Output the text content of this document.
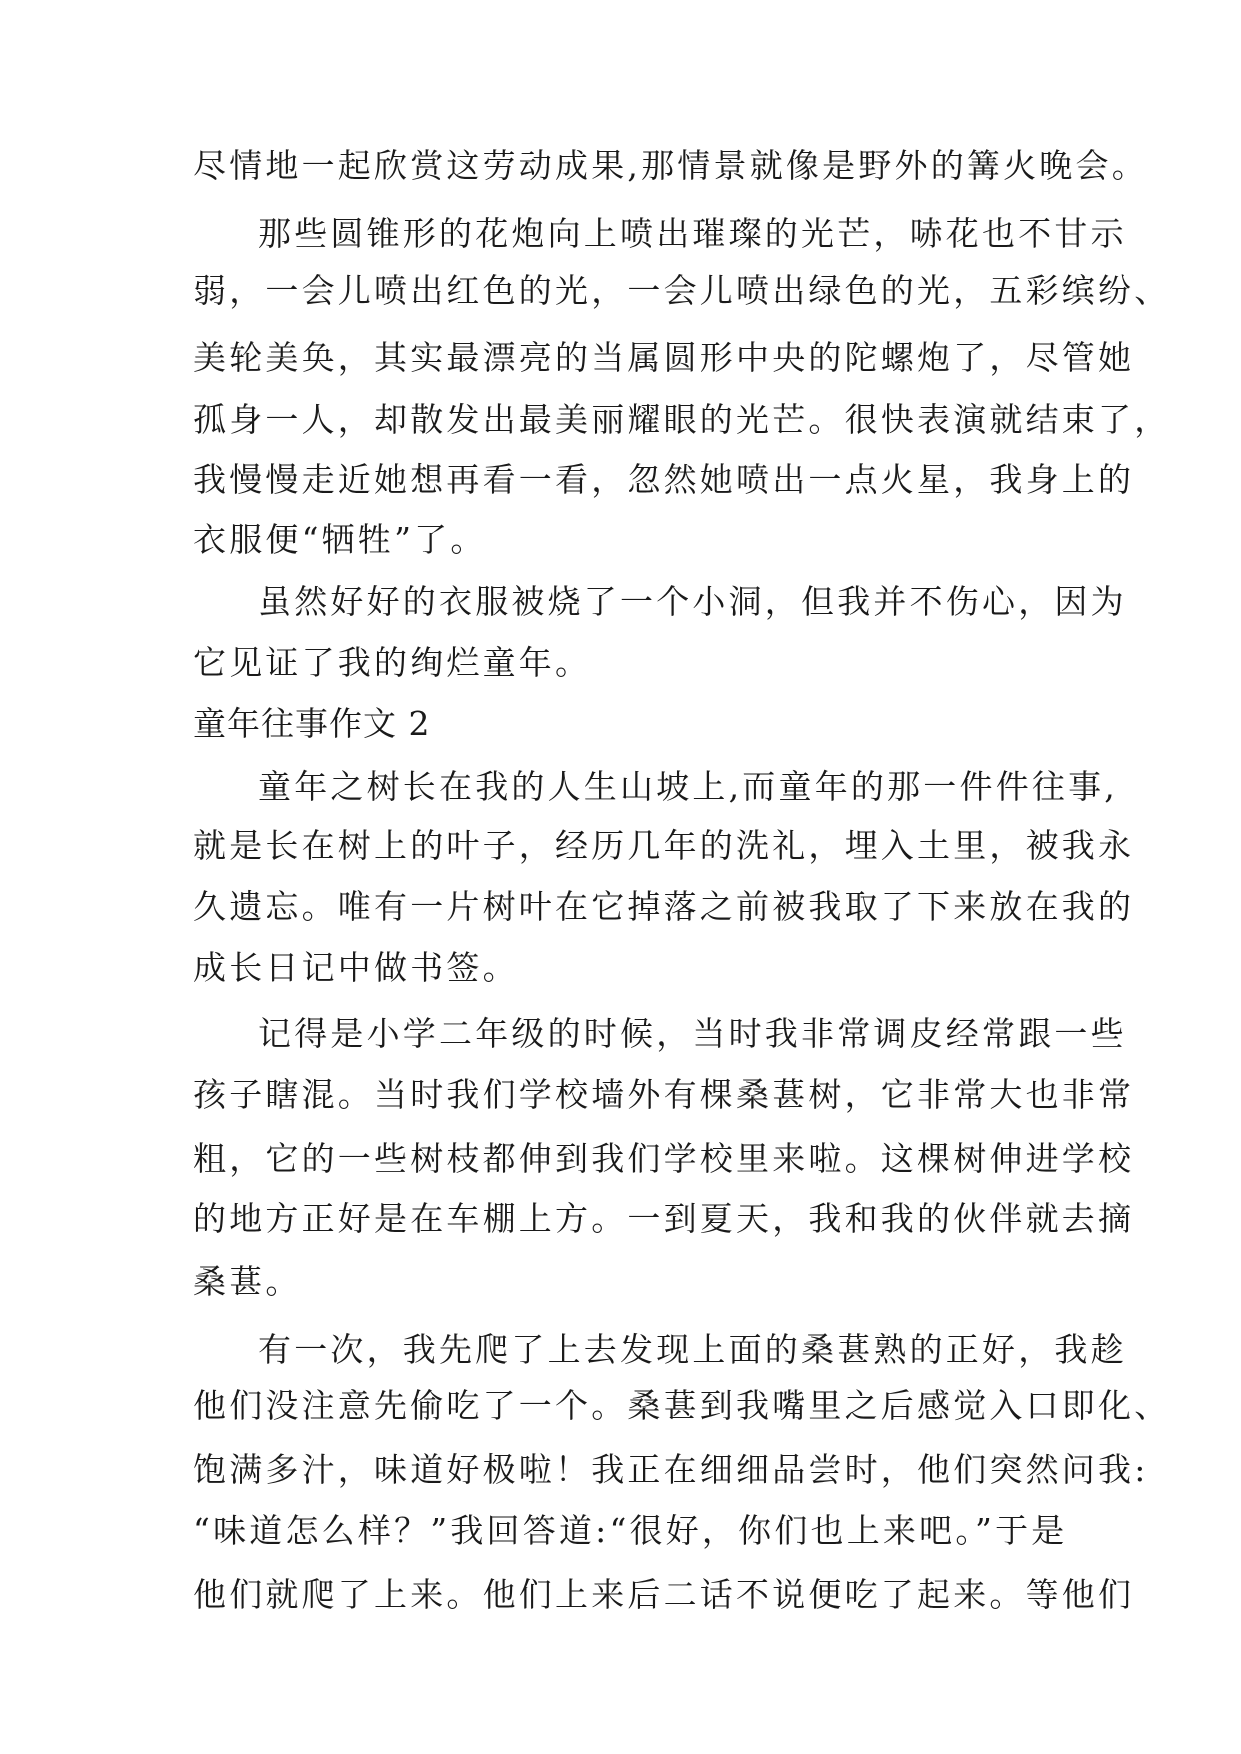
尽情地一起欣赏这劳动成果,那情景就像是野外的篝火晚会。
那些圆锥形的花炮向上喷出璀璨的光芒，哧花也不甘示
弱，一会儿喷出红色的光，一会儿喷出绿色的光，五彩缤纷、
美轮美奂，其实最漂亮的当属圆形中央的陀螺炮了，尽管她
孤身一人，却散发出最美丽耀眼的光芒。很快表演就结束了，
我慢慢走近她想再看一看，忽然她喷出一点火星，我身上的
衣服便“牺牲”了。
虽然好好的衣服被烧了一个小洞，但我并不伤心，因为
它见证了我的绚烂童年。
童年往事作文 2
童年之树长在我的人生山坡上,而童年的那一件件往事,
就是长在树上的叶子，经历几年的洗礼，埋入土里，被我永
久遗忘。唯有一片树叶在它掉落之前被我取了下来放在我的
成长日记中做书签。
记得是小学二年级的时候，当时我非常调皮经常跟一些
孩子瞎混。当时我们学校墙外有棵桑葚树，它非常大也非常
粗，它的一些树枝都伸到我们学校里来啦。这棵树伸进学校
的地方正好是在车棚上方。一到夏天，我和我的伙伴就去摘
桑葚。
有一次，我先爬了上去发现上面的桑葚熟的正好，我趁
他们没注意先偷吃了一个。桑葚到我嘴里之后感觉入口即化、
饱满多汁，味道好极啦！我正在细细品尝时，他们突然问我:
“味道怎么样？”我回答道:“很好，你们也上来吧。”于是
他们就爬了上来。他们上来后二话不说便吃了起来。等他们
